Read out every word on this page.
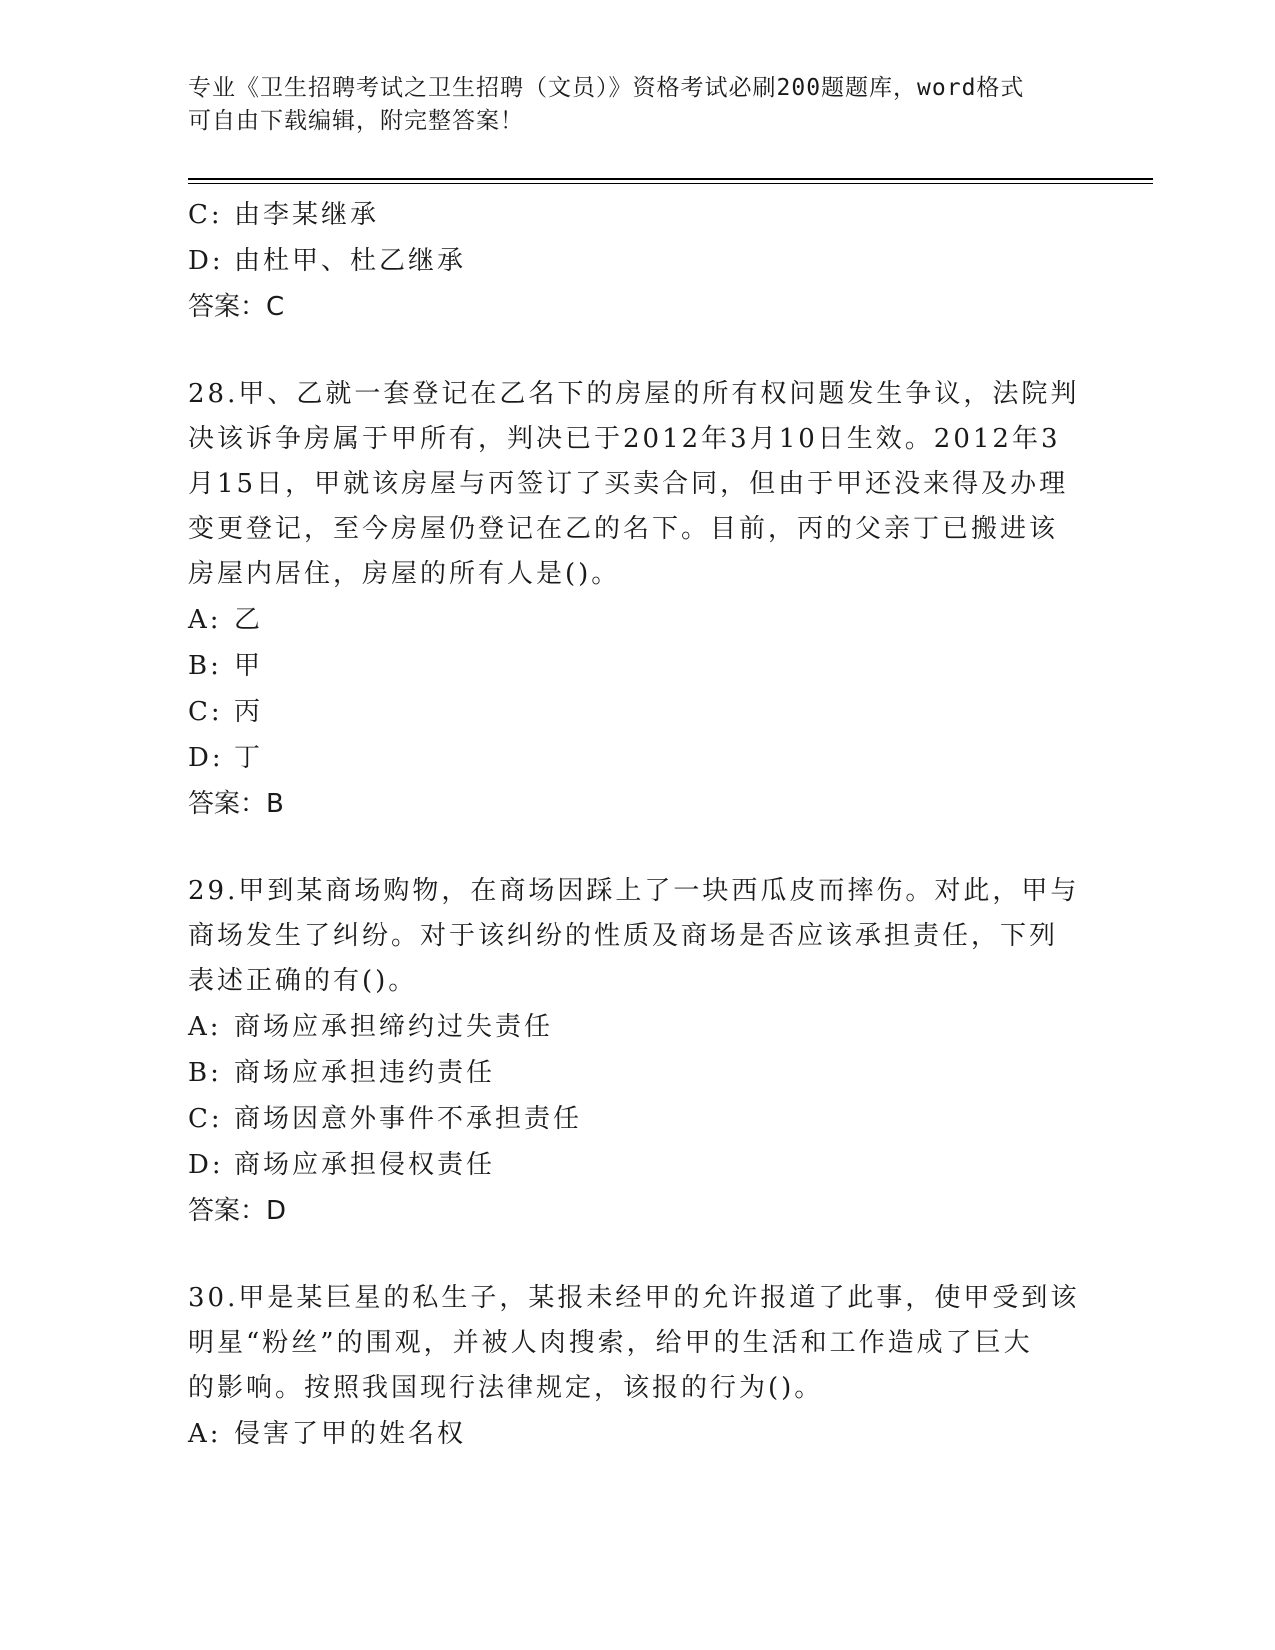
专业《卫生招聘考试之卫生招聘（文员）》资格考试必刷200题题库，word格式
可自由下载编辑，附完整答案！
C: 由李某继承
D: 由杜甲、杜乙继承
答案：C
28.甲、乙就一套登记在乙名下的房屋的所有权问题发生争议，法院判
决该诉争房属于甲所有，判决已于2012年3月10日生效。2012年3
月15日，甲就该房屋与丙签订了买卖合同，但由于甲还没来得及办理
变更登记，至今房屋仍登记在乙的名下。目前，丙的父亲丁已搬进该
房屋内居住，房屋的所有人是()。
A: 乙
B: 甲
C: 丙
D: 丁
答案：B
29.甲到某商场购物，在商场因踩上了一块西瓜皮而摔伤。对此，甲与
商场发生了纠纷。对于该纠纷的性质及商场是否应该承担责任，下列
表述正确的有()。
A: 商场应承担缔约过失责任
B: 商场应承担违约责任
C: 商场因意外事件不承担责任
D: 商场应承担侵权责任
答案：D
30.甲是某巨星的私生子，某报未经甲的允许报道了此事，使甲受到该
明星“粉丝”的围观，并被人肉搜索，给甲的生活和工作造成了巨大
的影响。按照我国现行法律规定，该报的行为()。
A: 侵害了甲的姓名权
